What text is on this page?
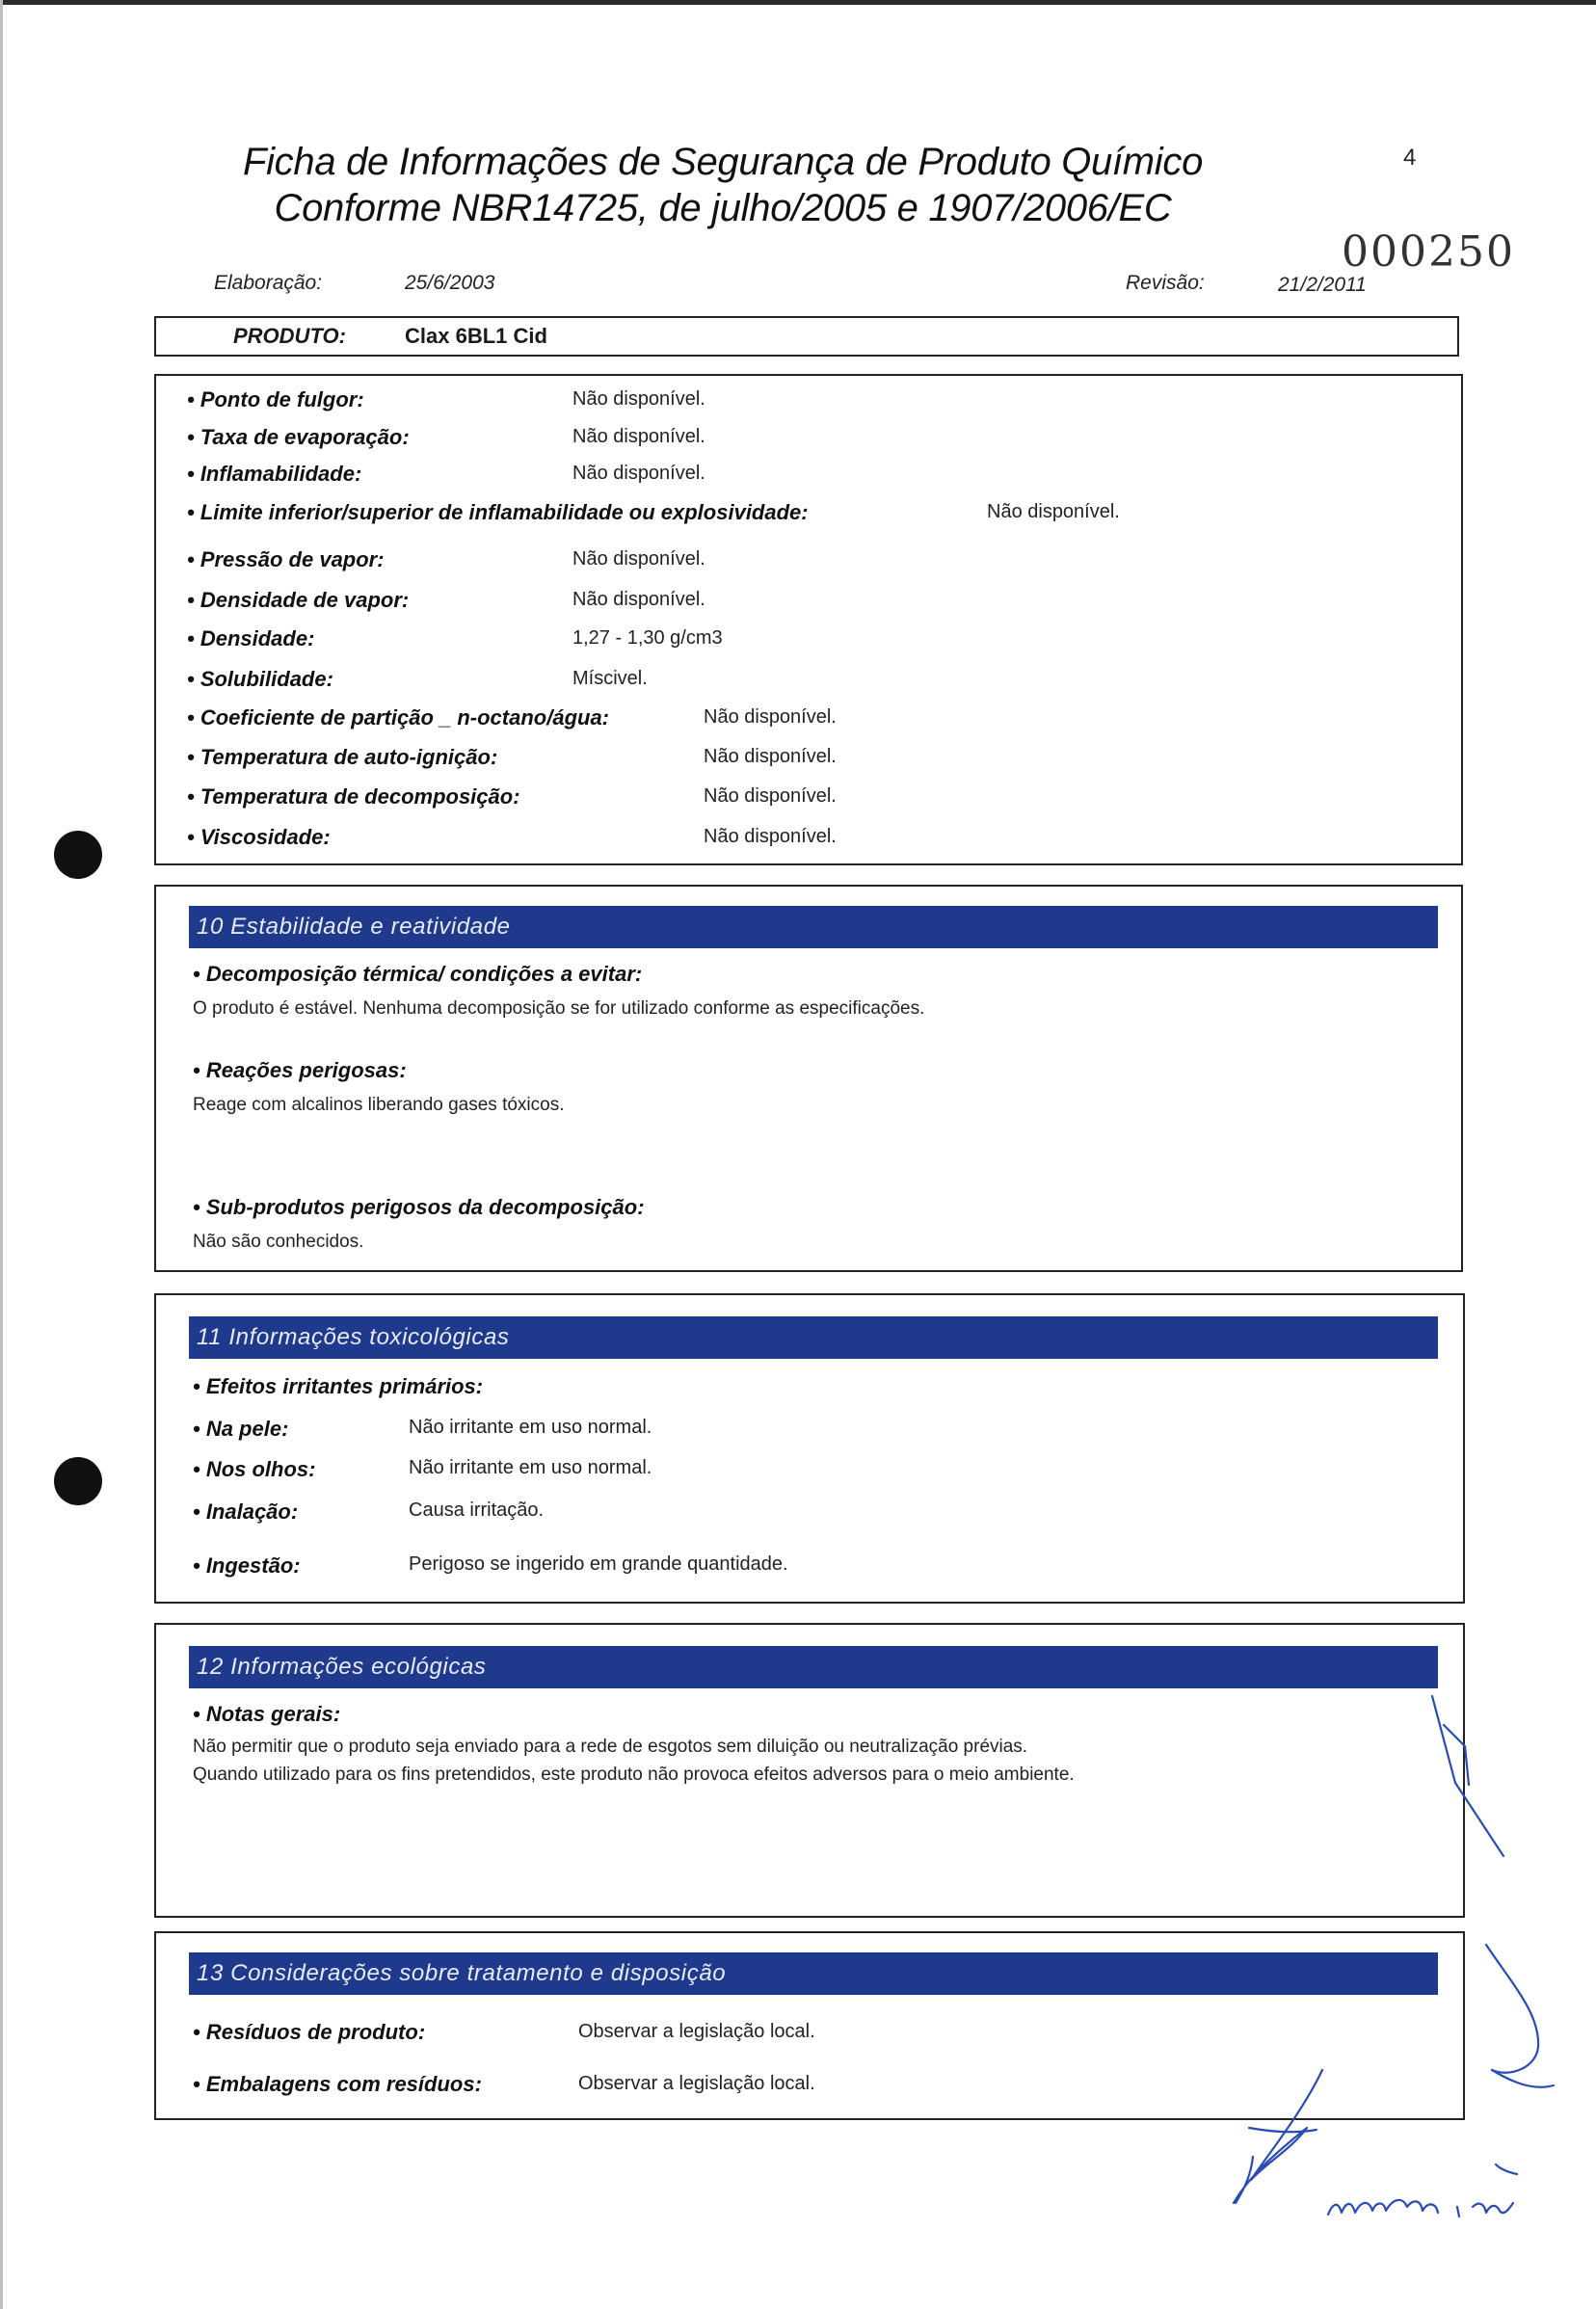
Ficha de Informações de Segurança de Produto Químico
Conforme NBR14725, de julho/2005 e 1907/2006/EC
4
000250
Elaboração:	25/6/2003	Revisão:	21/2/2011
PRODUTO:	Clax 6BL1 Cid
• Ponto de fulgor:	Não disponível.
• Taxa de evaporação:	Não disponível.
• Inflamabilidade:	Não disponível.
• Limite inferior/superior de inflamabilidade ou explosividade:	Não disponível.
• Pressão de vapor:	Não disponível.
• Densidade de vapor:	Não disponível.
• Densidade:	1,27 - 1,30 g/cm3
• Solubilidade:	Míscivel.
• Coeficiente de partição _ n-octano/água:	Não disponível.
• Temperatura de auto-ignição:	Não disponível.
• Temperatura de decomposição:	Não disponível.
• Viscosidade:	Não disponível.
10 Estabilidade e reatividade
• Decomposição térmica/ condições a evitar:
O produto é estável. Nenhuma decomposição se for utilizado conforme as especificações.
• Reações perigosas:
Reage com alcalinos liberando gases tóxicos.
• Sub-produtos perigosos da decomposição:
Não são conhecidos.
11 Informações toxicológicas
• Efeitos irritantes primários:
• Na pele:	Não irritante em uso normal.
• Nos olhos:	Não irritante em uso normal.
• Inalação:	Causa irritação.
• Ingestão:	Perigoso se ingerido em grande quantidade.
12 Informações ecológicas
• Notas gerais:
Não permitir que o produto seja enviado para a rede de esgotos sem diluição ou neutralização prévias.
Quando utilizado para os fins pretendidos, este produto não provoca efeitos adversos para o meio ambiente.
13 Considerações sobre tratamento e disposição
• Resíduos de produto:	Observar a legislação local.
• Embalagens com resíduos:	Observar a legislação local.
